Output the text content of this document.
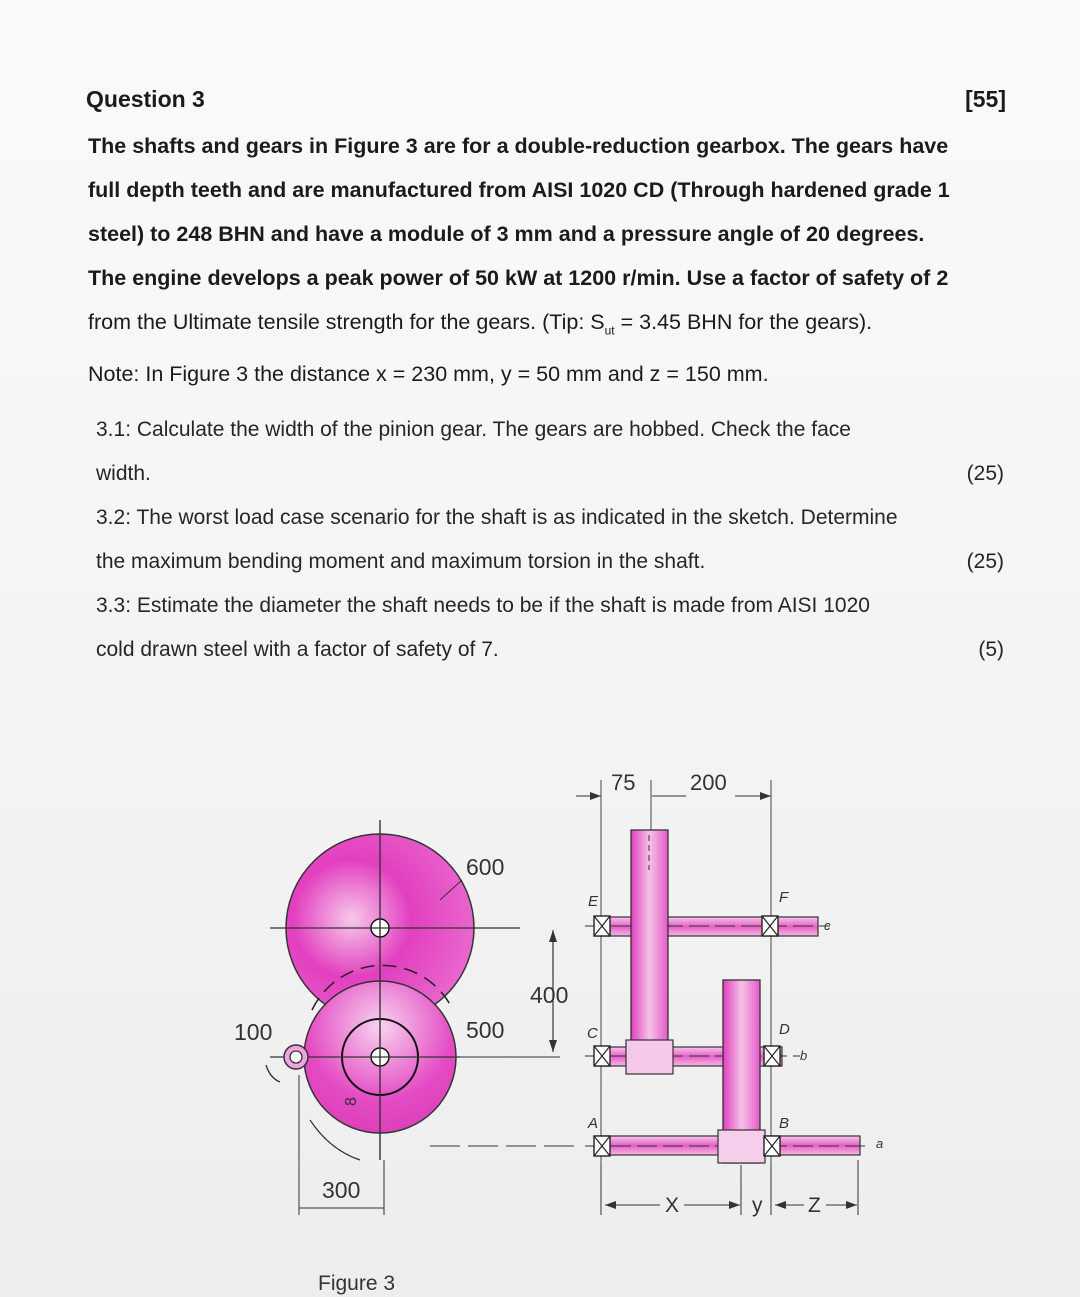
Question 3	[55]
The shafts and gears in Figure 3 are for a double-reduction gearbox. The gears have
full depth teeth and are manufactured from AISI 1020 CD (Through hardened grade 1
steel) to 248 BHN and have a module of 3 mm and a pressure angle of 20 degrees.
The engine develops a peak power of 50 kW at 1200 r/min. Use a factor of safety of 2
from the Ultimate tensile strength for the gears. (Tip: $S_{ut} = 3.45$ BHN for the gears).
Note: In Figure 3 the distance x = 230 mm, y = 50 mm and z = 150 mm.
3.1: Calculate the width of the pinion gear. The gears are hobbed. Check the face
width.	(25)
3.2: The worst load case scenario for the shaft is as indicated in the sketch. Determine
the maximum bending moment and maximum torsion in the shaft.	(25)
3.3: Estimate the diameter the shaft needs to be if the shaft is made from AISI 1020
cold drawn steel with a factor of safety of 7.	(5)
8
600
500
400
100
300
75 200
E	F
C	D
A	B
c
b
a
X	y Z
Figure 3
